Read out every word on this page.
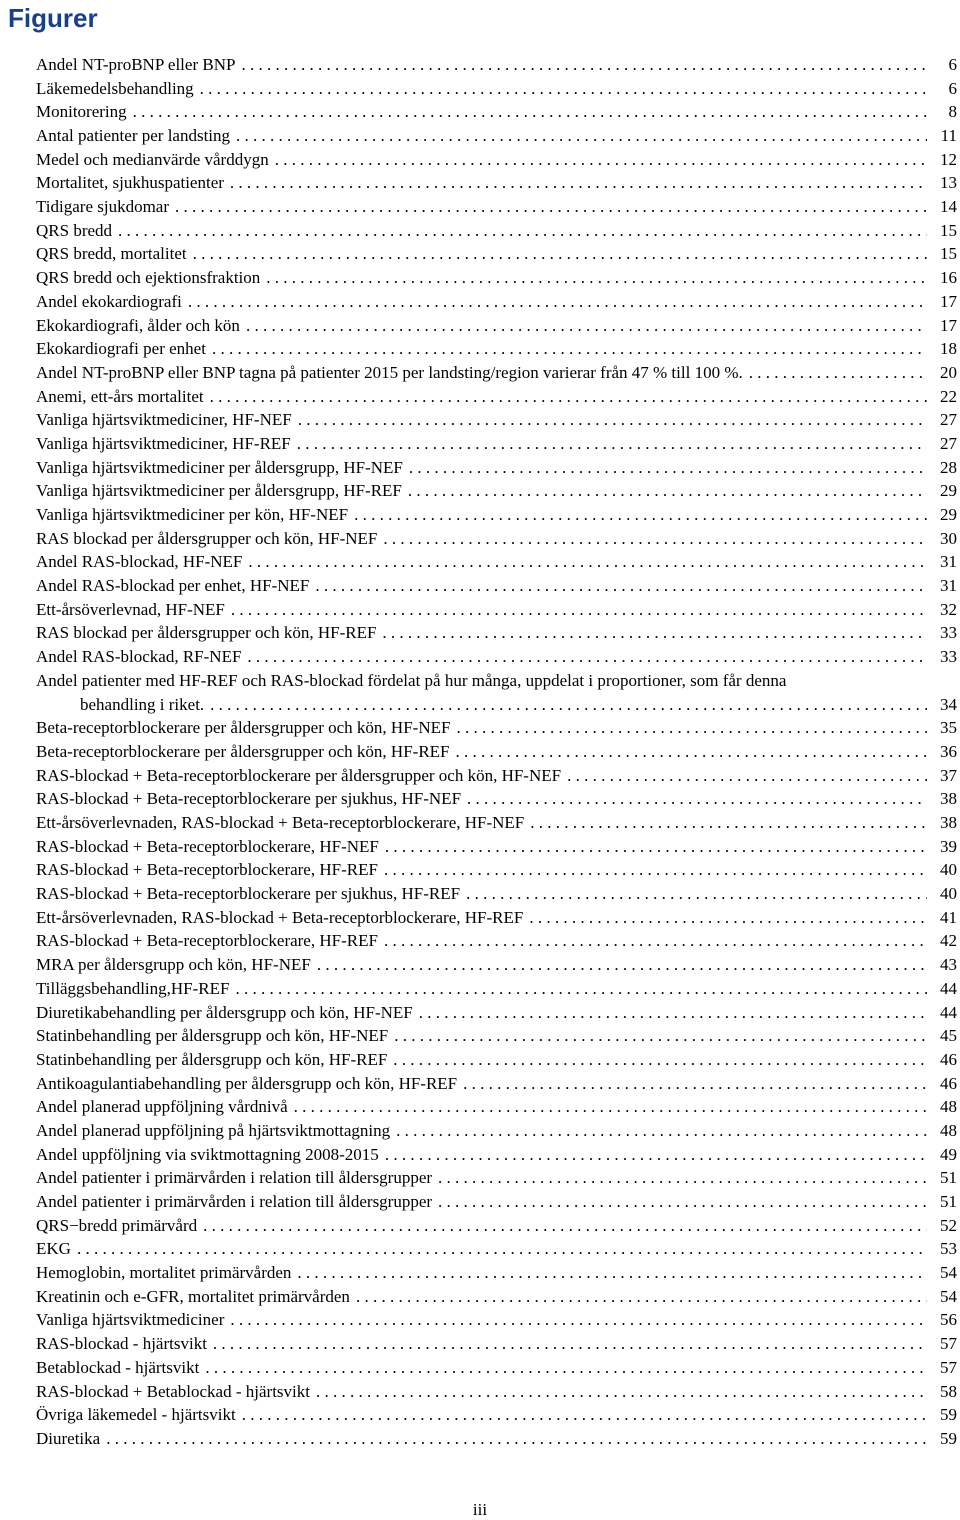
Figurer
Andel NT-proBNP eller BNP . . .	6
Läkemedelsbehandling . . .	6
Monitorering . . .	8
Antal patienter per landsting . . .	11
Medel och medianvärde vårddygn . . .	12
Mortalitet, sjukhuspatienter . . .	13
Tidigare sjukdomar . . .	14
QRS bredd . . .	15
QRS bredd, mortalitet . . .	15
QRS bredd och ejektionsfraktion . . .	16
Andel ekokardiografi . . .	17
Ekokardiografi, ålder och kön . . .	17
Ekokardiografi per enhet . . .	18
Andel NT-proBNP eller BNP tagna på patienter 2015 per landsting/region varierar från 47 % till 100 %. . . .	20
Anemi, ett-års mortalitet . . .	22
Vanliga hjärtsviktmediciner, HF-NEF . . .	27
Vanliga hjärtsviktmediciner, HF-REF . . .	27
Vanliga hjärtsviktmediciner per åldersgrupp, HF-NEF . . .	28
Vanliga hjärtsviktmediciner per åldersgrupp, HF-REF . . .	29
Vanliga hjärtsviktmediciner per kön, HF-NEF . . .	29
RAS blockad per åldersgrupper och kön, HF-NEF . . .	30
Andel RAS-blockad, HF-NEF . . .	31
Andel RAS-blockad per enhet, HF-NEF . . .	31
Ett-årsöverlevnad, HF-NEF . . .	32
RAS blockad per åldersgrupper och kön, HF-REF . . .	33
Andel RAS-blockad, RF-NEF . . .	33
Andel patienter med HF-REF och RAS-blockad fördelat på hur många, uppdelat i proportioner, som får denna
behandling i riket. . . .	34
Beta-receptorblockerare per åldersgrupper och kön, HF-NEF . . .	35
Beta-receptorblockerare per åldersgrupper och kön, HF-REF . . .	36
RAS-blockad + Beta-receptorblockerare per åldersgrupper och kön, HF-NEF . . .	37
RAS-blockad + Beta-receptorblockerare per sjukhus, HF-NEF . . .	38
Ett-årsöverlevnaden, RAS-blockad + Beta-receptorblockerare, HF-NEF . . .	38
RAS-blockad + Beta-receptorblockerare, HF-NEF . . .	39
RAS-blockad + Beta-receptorblockerare, HF-REF . . .	40
RAS-blockad + Beta-receptorblockerare per sjukhus, HF-REF . . .	40
Ett-årsöverlevnaden, RAS-blockad + Beta-receptorblockerare, HF-REF . . .	41
RAS-blockad + Beta-receptorblockerare, HF-REF . . .	42
MRA per åldersgrupp och kön, HF-NEF . . .	43
Tilläggsbehandling,HF-REF . . .	44
Diuretikabehandling per åldersgrupp och kön, HF-NEF . . .	44
Statinbehandling per åldersgrupp och kön, HF-NEF . . .	45
Statinbehandling per åldersgrupp och kön, HF-REF . . .	46
Antikoagulantiabehandling per åldersgrupp och kön, HF-REF . . .	46
Andel planerad uppföljning vårdnivå . . .	48
Andel planerad uppföljning på hjärtsviktmottagning . . .	48
Andel uppföljning via sviktmottagning 2008-2015 . . .	49
Andel patienter i primärvården i relation till åldersgrupper . . .	51
Andel patienter i primärvården i relation till åldersgrupper . . .	51
QRS−bredd primärvård . . .	52
EKG . . .	53
Hemoglobin, mortalitet primärvården . . .	54
Kreatinin och e-GFR, mortalitet primärvården . . .	54
Vanliga hjärtsviktmediciner . . .	56
RAS-blockad - hjärtsvikt . . .	57
Betablockad - hjärtsvikt . . .	57
RAS-blockad + Betablockad - hjärtsvikt . . .	58
Övriga läkemedel - hjärtsvikt . . .	59
Diuretika . . .	59
iii
